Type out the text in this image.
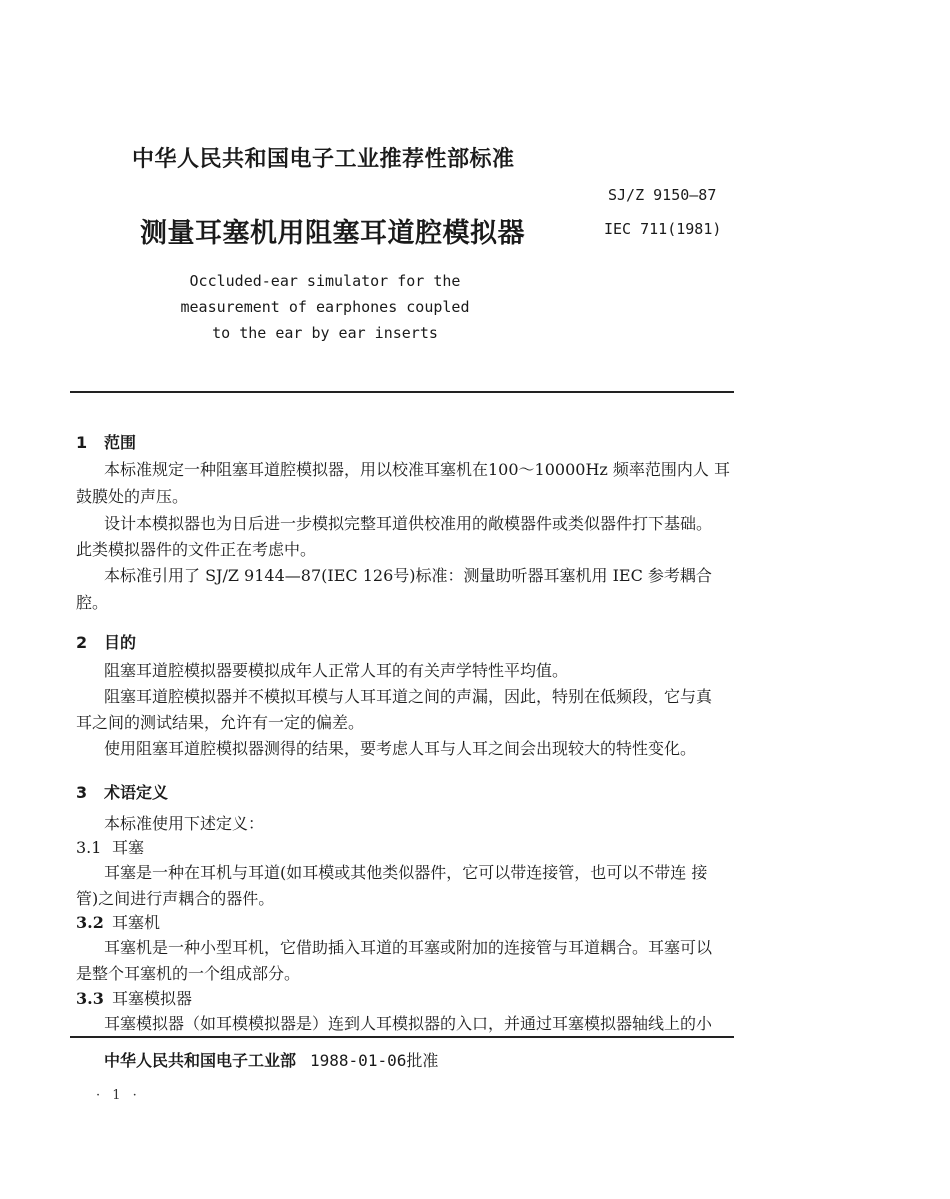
中华人民共和国电子工业推荐性部标准
SJ/Z 9150—87
测量耳塞机用阻塞耳道腔模拟器	IEC 711(1981)
Occluded-ear simulator for the
measurement of earphones coupled
to the ear by ear inserts
1 范围
本标准规定一种阻塞耳道腔模拟器，用以校准耳塞机在100～10000Hz 频率范围内人 耳
鼓膜处的声压。
设计本模拟器也为日后进一步模拟完整耳道供校准用的敞模器件或类似器件打下基础。
此类模拟器件的文件正在考虑中。
本标准引用了 SJ/Z 9144—87(IEC 126号)标准：测量助听器耳塞机用 IEC 参考耦合
腔。
2 目的
阻塞耳道腔模拟器要模拟成年人正常人耳的有关声学特性平均值。
阻塞耳道腔模拟器并不模拟耳模与人耳耳道之间的声漏，因此，特别在低频段，它与真
耳之间的测试结果，允许有一定的偏差。
使用阻塞耳道腔模拟器测得的结果，要考虑人耳与人耳之间会出现较大的特性变化。
3 术语定义
本标准使用下述定义：
3.1 耳塞
耳塞是一种在耳机与耳道(如耳模或其他类似器件，它可以带连接管，也可以不带连 接
管)之间进行声耦合的器件。
3.2 耳塞机
耳塞机是一种小型耳机，它借助插入耳道的耳塞或附加的连接管与耳道耦合。耳塞可以
是整个耳塞机的一个组成部分。
3.3 耳塞模拟器
耳塞模拟器（如耳模模拟器是）连到人耳模拟器的入口，并通过耳塞模拟器轴线上的小
中华人民共和国电子工业部 1988-01-06批准
· 1 ·
